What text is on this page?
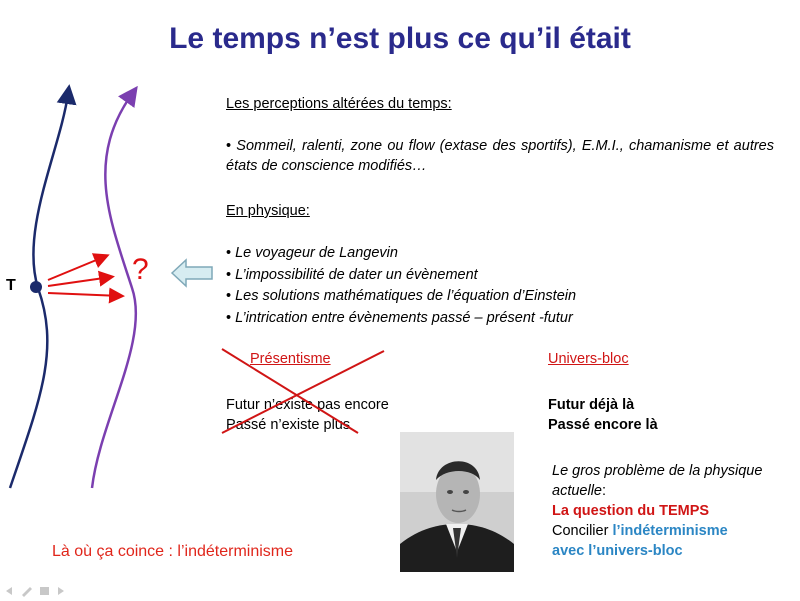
Le temps n’est plus ce qu’il était
T	?
Les perceptions altérées du temps:
• Sommeil, ralenti, zone ou flow (extase des sportifs), E.M.I., chamanisme et autres états de conscience modifiés…
En physique:
• Le voyageur de Langevin
• L’impossibilité de dater un évènement
• Les solutions mathématiques de l’équation d’Einstein
• L’intrication entre évènements passé – présent -futur
Présentisme
Futur n’existe pas encore
Passé n’existe plus
Univers-bloc
Futur déjà là
Passé encore là
Le gros problème de la physique actuelle:
La question du TEMPS
Concilier l’indéterminisme
avec l’univers-bloc
Là où ça coince : l’indéterminisme
